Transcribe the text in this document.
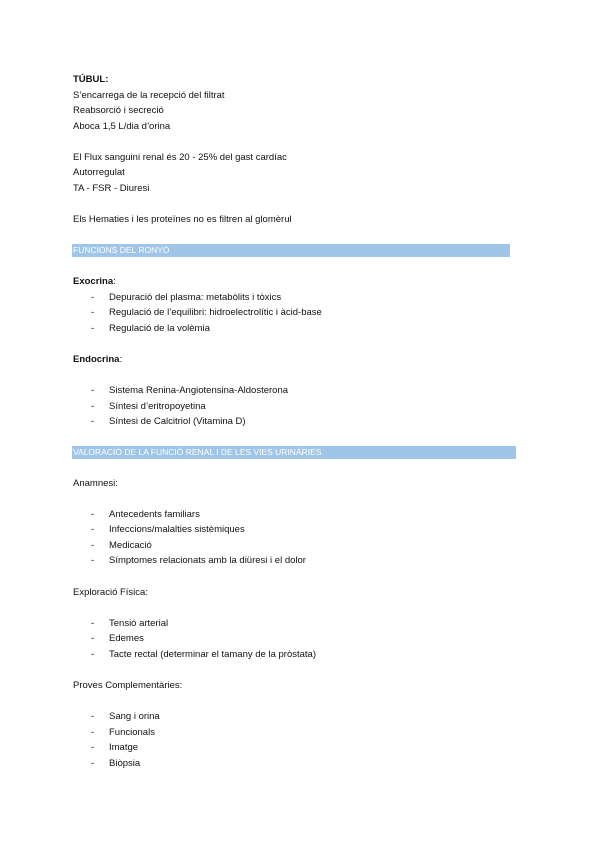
TÚBUL:
S’encarrega de la recepció del filtrat
Reabsorció i secreció
Aboca 1,5 L/dia d’orina
El Flux sanguini renal és 20 - 25% del gast cardíac
Autorregulat
TA - FSR - Diuresi
Els Hematies i les proteïnes no es filtren al glomèrul
FUNCIONS DEL RONYÓ
Exocrina:
-	Depuració del plasma: metabòlits i tòxics
-	Regulació de l’equilibri: hidroelectrolític i àcid-base
-	Regulació de la volèmia
Endocrina:
-	Sistema Renina-Angiotensina-Aldosterona
-	Síntesi d’eritropoyetina
-	Síntesi de Calcitriol (Vitamina D)
VALORACIÓ DE LA FUNCIÓ RENAL I DE LES VIES URINÀRIES
Anamnesi:
-	Antecedents familiars
-	Infeccions/malalties sistèmiques
-	Medicació
-	Símptomes relacionats amb la diüresi i el dolor
Exploració Física:
-	Tensió arterial
-	Edemes
-	Tacte rectal (determinar el tamany de la pròstata)
Proves Complementàries:
-	Sang i orina
-	Funcionals
-	Imatge
-	Biòpsia
